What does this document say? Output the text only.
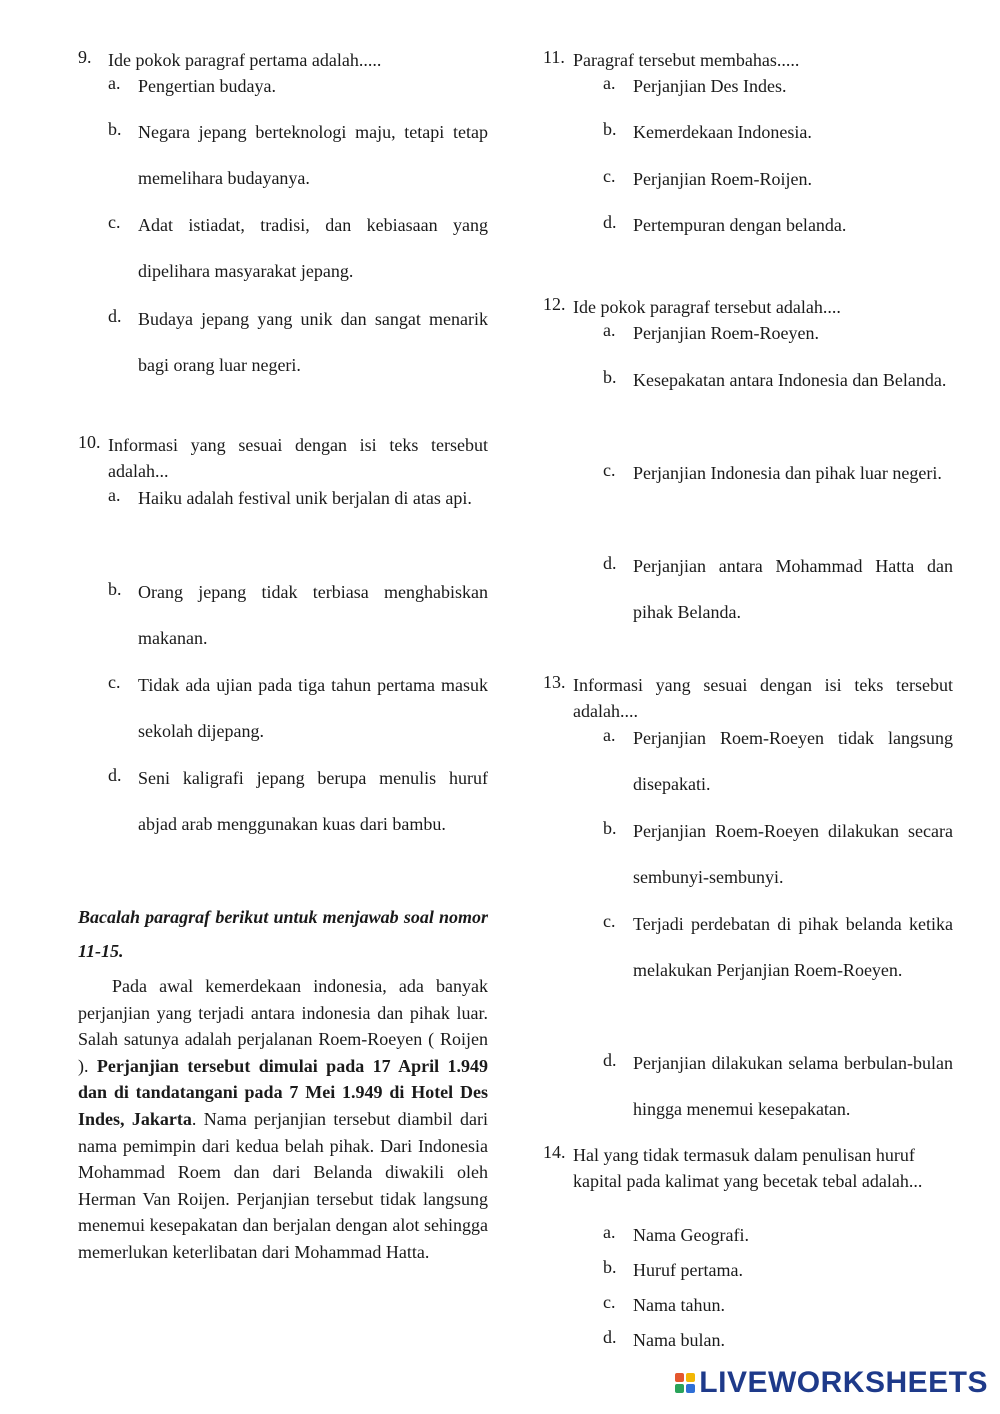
9. Ide pokok paragraf pertama adalah.....
a. Pengertian budaya.
b. Negara jepang berteknologi maju, tetapi tetap memelihara budayanya.
c. Adat istiadat, tradisi, dan kebiasaan yang dipelihara masyarakat jepang.
d. Budaya jepang yang unik dan sangat menarik bagi orang luar negeri.
10. Informasi yang sesuai dengan isi teks tersebut adalah...
a. Haiku adalah festival unik berjalan di atas api.
b. Orang jepang tidak terbiasa menghabiskan makanan.
c. Tidak ada ujian pada tiga tahun pertama masuk sekolah dijepang.
d. Seni kaligrafi jepang berupa menulis huruf abjad arab menggunakan kuas dari bambu.
Bacalah paragraf berikut untuk menjawab soal nomor 11-15.
Pada awal kemerdekaan indonesia, ada banyak perjanjian yang terjadi antara indonesia dan pihak luar. Salah satunya adalah perjalanan Roem-Roeyen ( Roijen ). Perjanjian tersebut dimulai pada 17 April 1.949 dan di tandatangani pada 7 Mei 1.949 di Hotel Des Indes, Jakarta. Nama perjanjian tersebut diambil dari nama pemimpin dari kedua belah pihak. Dari Indonesia Mohammad Roem dan dari Belanda diwakili oleh Herman Van Roijen. Perjanjian tersebut tidak langsung menemui kesepakatan dan berjalan dengan alot sehingga memerlukan keterlibatan dari Mohammad Hatta.
11. Paragraf tersebut membahas.....
a. Perjanjian Des Indes.
b. Kemerdekaan Indonesia.
c. Perjanjian Roem-Roijen.
d. Pertempuran dengan belanda.
12. Ide pokok paragraf tersebut adalah....
a. Perjanjian Roem-Roeyen.
b. Kesepakatan antara Indonesia dan Belanda.
c. Perjanjian Indonesia dan pihak luar negeri.
d. Perjanjian antara Mohammad Hatta dan pihak Belanda.
13. Informasi yang sesuai dengan isi teks tersebut adalah....
a. Perjanjian Roem-Roeyen tidak langsung disepakati.
b. Perjanjian Roem-Roeyen dilakukan secara sembunyi-sembunyi.
c. Terjadi perdebatan di pihak belanda ketika melakukan Perjanjian Roem-Roeyen.
d. Perjanjian dilakukan selama berbulan-bulan hingga menemui kesepakatan.
14. Hal yang tidak termasuk dalam penulisan huruf kapital pada kalimat yang becetak tebal adalah...
a. Nama Geografi.
b. Huruf pertama.
c. Nama tahun.
d. Nama bulan.
LIVEWORKSHEETS
